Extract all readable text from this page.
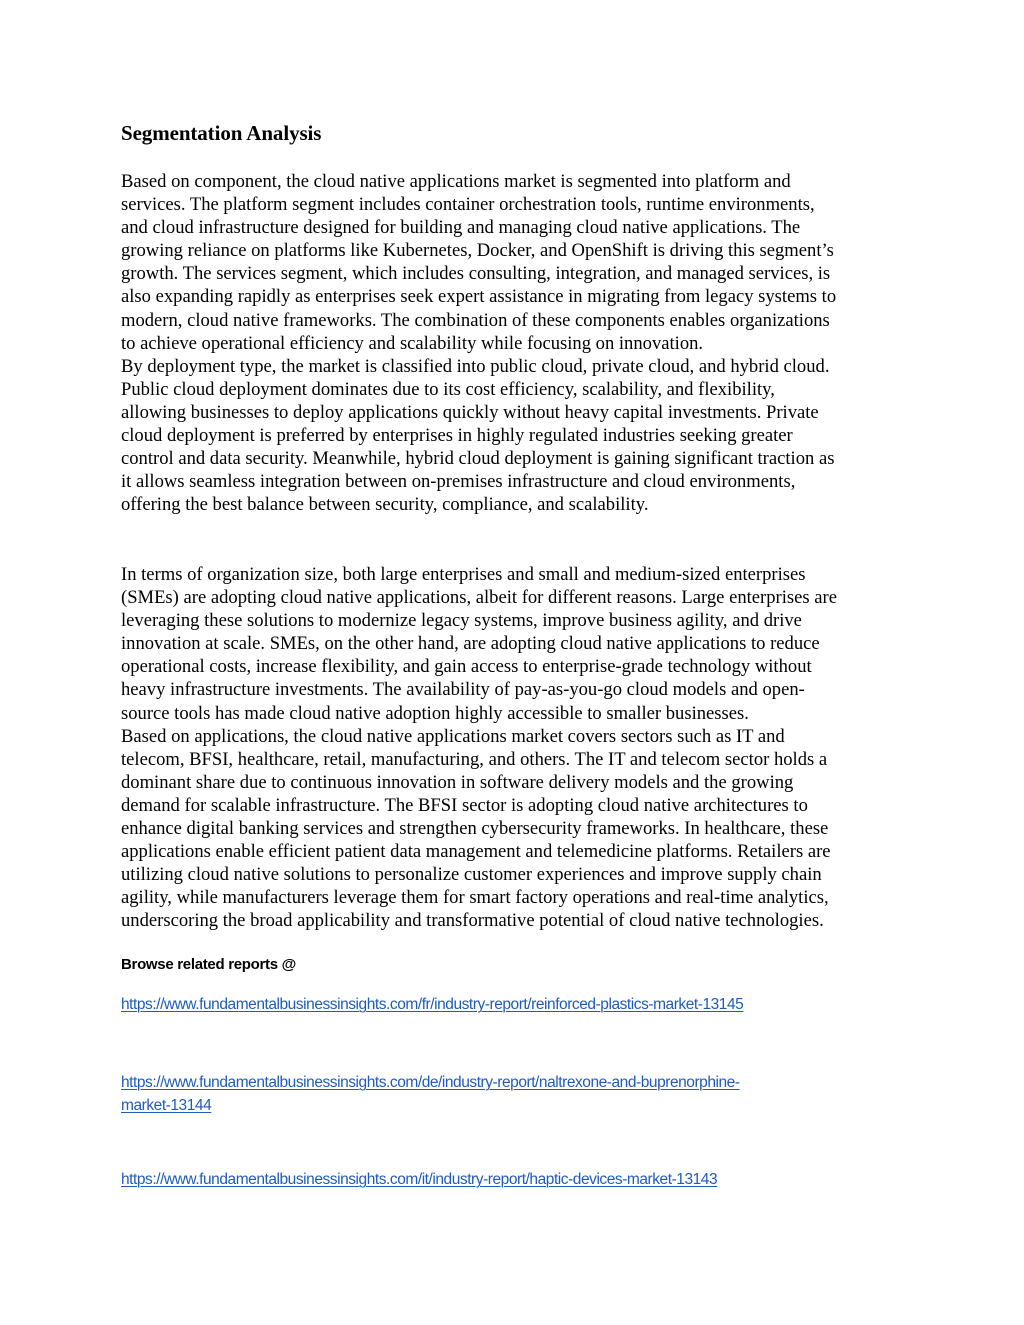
Segmentation Analysis

Based on component, the cloud native applications market is segmented into platform and
services. The platform segment includes container orchestration tools, runtime environments,
and cloud infrastructure designed for building and managing cloud native applications. The
growing reliance on platforms like Kubernetes, Docker, and OpenShift is driving this segment’s
growth. The services segment, which includes consulting, integration, and managed services, is
also expanding rapidly as enterprises seek expert assistance in migrating from legacy systems to
modern, cloud native frameworks. The combination of these components enables organizations
to achieve operational efficiency and scalability while focusing on innovation.
By deployment type, the market is classified into public cloud, private cloud, and hybrid cloud.
Public cloud deployment dominates due to its cost efficiency, scalability, and flexibility,
allowing businesses to deploy applications quickly without heavy capital investments. Private
cloud deployment is preferred by enterprises in highly regulated industries seeking greater
control and data security. Meanwhile, hybrid cloud deployment is gaining significant traction as
it allows seamless integration between on-premises infrastructure and cloud environments,
offering the best balance between security, compliance, and scalability.

In terms of organization size, both large enterprises and small and medium-sized enterprises
(SMEs) are adopting cloud native applications, albeit for different reasons. Large enterprises are
leveraging these solutions to modernize legacy systems, improve business agility, and drive
innovation at scale. SMEs, on the other hand, are adopting cloud native applications to reduce
operational costs, increase flexibility, and gain access to enterprise-grade technology without
heavy infrastructure investments. The availability of pay-as-you-go cloud models and open-
source tools has made cloud native adoption highly accessible to smaller businesses.
Based on applications, the cloud native applications market covers sectors such as IT and
telecom, BFSI, healthcare, retail, manufacturing, and others. The IT and telecom sector holds a
dominant share due to continuous innovation in software delivery models and the growing
demand for scalable infrastructure. The BFSI sector is adopting cloud native architectures to
enhance digital banking services and strengthen cybersecurity frameworks. In healthcare, these
applications enable efficient patient data management and telemedicine platforms. Retailers are
utilizing cloud native solutions to personalize customer experiences and improve supply chain
agility, while manufacturers leverage them for smart factory operations and real-time analytics,
underscoring the broad applicability and transformative potential of cloud native technologies.

Browse related reports @
https://www.fundamentalbusinessinsights.com/fr/industry-report/reinforced-plastics-market-13145
https://www.fundamentalbusinessinsights.com/de/industry-report/naltrexone-and-buprenorphine-
market-13144
https://www.fundamentalbusinessinsights.com/it/industry-report/haptic-devices-market-13143
